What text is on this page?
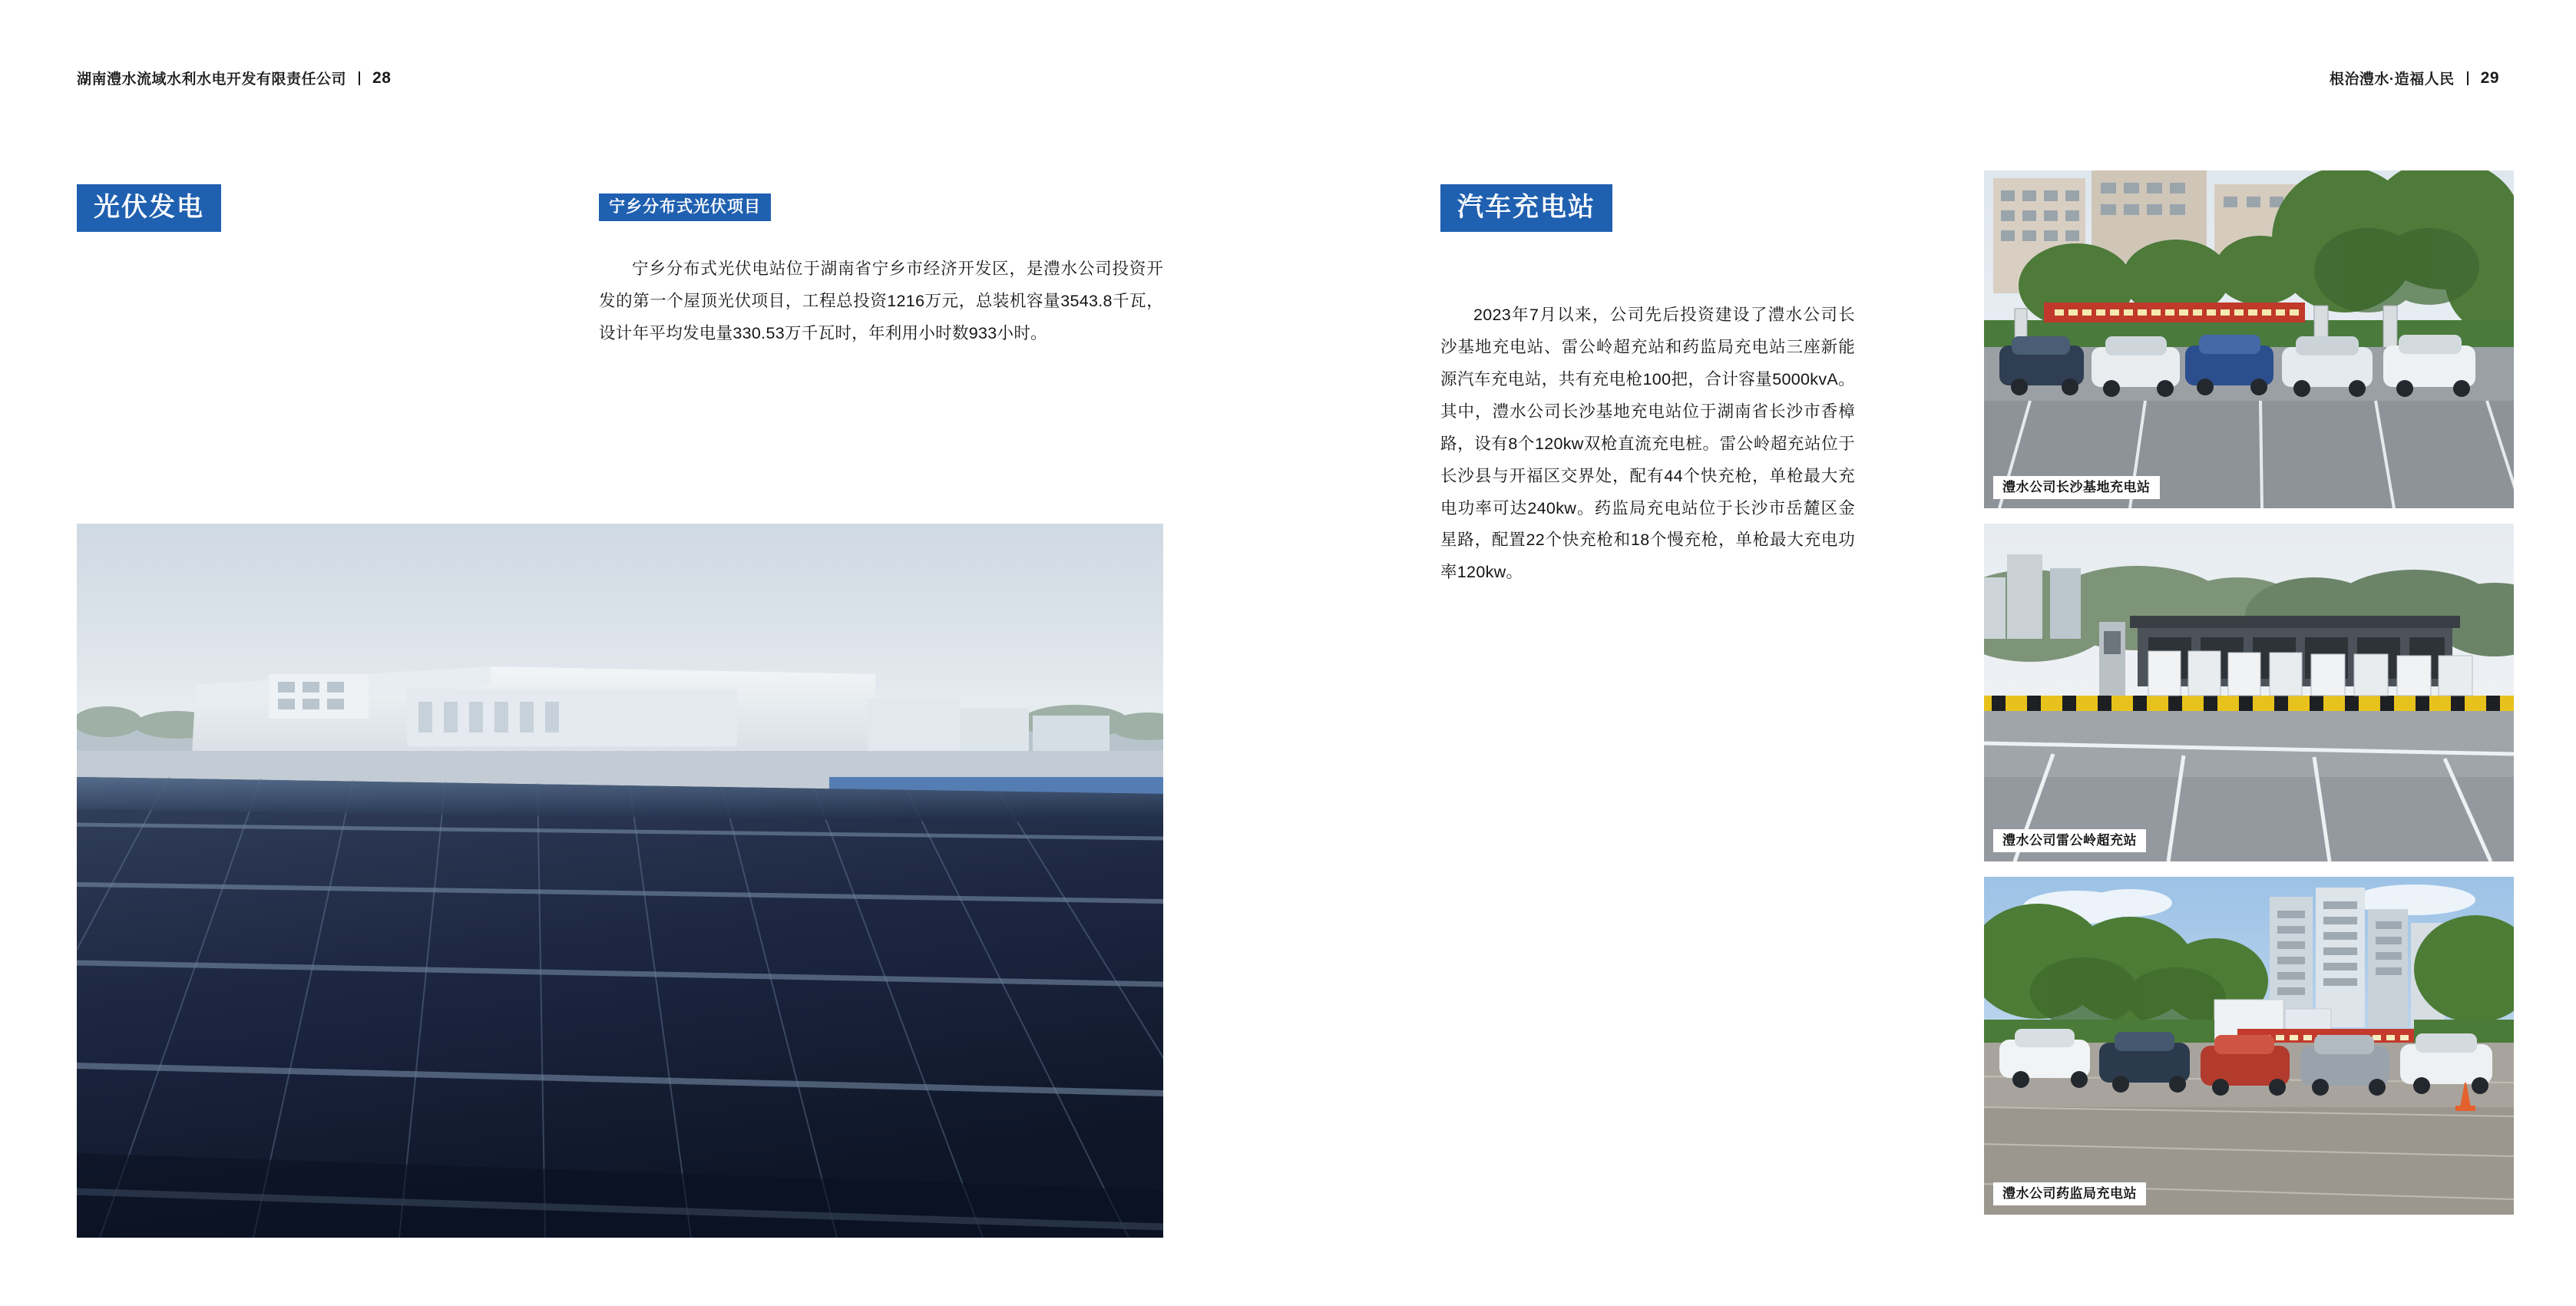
湖南澧水流域水利水电开发有限责任公司 28
光伏发电	宁乡分布式光伏项目

宁乡分布式光伏电站位于湖南省宁乡市经济开发区，是澧水公司投资开发的第一个屋顶光伏项目，工程总投资1216万元，总装机容量3543.8千瓦，设计年平均发电量330.53万千瓦时，年利用小时数933小时。

根治澧水·造福人民 29
汽车充电站

2023年7月以来，公司先后投资建设了澧水公司长沙基地充电站、雷公岭超充站和药监局充电站三座新能源汽车充电站，共有充电枪100把，合计容量5000kvA。其中，澧水公司长沙基地充电站位于湖南省长沙市香樟路，设有8个120kw双枪直流充电桩。雷公岭超充站位于长沙县与开福区交界处，配有44个快充枪，单枪最大充电功率可达240kw。药监局充电站位于长沙市岳麓区金星路，配置22个快充枪和18个慢充枪，单枪最大充电功率120kw。

澧水公司长沙基地充电站
澧水公司雷公岭超充站
澧水公司药监局充电站
